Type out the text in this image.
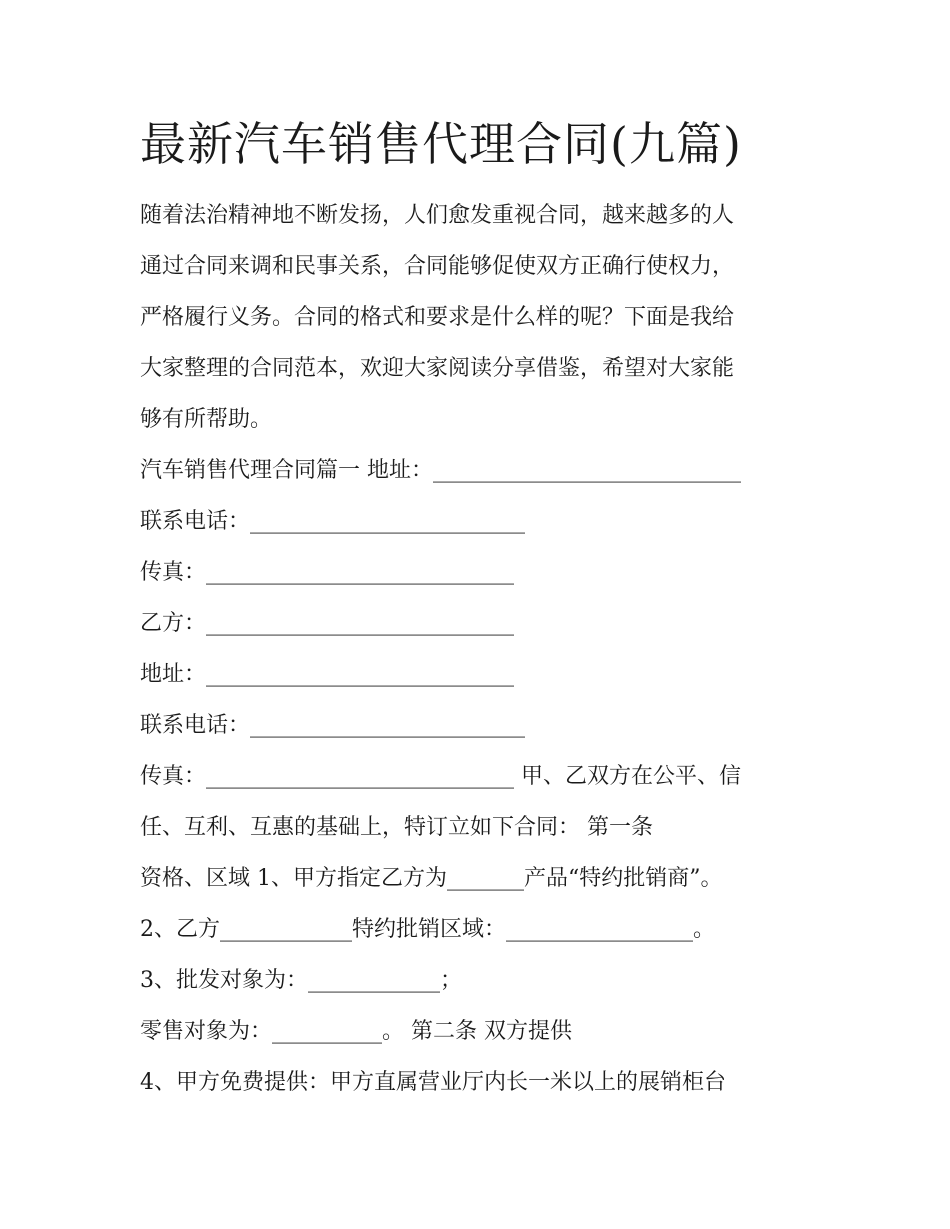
最新汽车销售代理合同(九篇)
随着法治精神地不断发扬，人们愈发重视合同，越来越多的人
通过合同来调和民事关系，合同能够促使双方正确行使权力，
严格履行义务。合同的格式和要求是什么样的呢？下面是我给
大家整理的合同范本，欢迎大家阅读分享借鉴，希望对大家能
够有所帮助。
汽车销售代理合同篇一 地址：____________________________
联系电话：_________________________
传真：____________________________
乙方：____________________________
地址：____________________________
联系电话：_________________________
传真：____________________________ 甲、乙双方在公平、信
任、互利、互惠的基础上，特订立如下合同： 第一条
资格、区域 1、甲方指定乙方为_______产品“特约批销商”。
2、乙方____________特约批销区域：_________________。
3、批发对象为：____________；
零售对象为：__________。 第二条 双方提供
4、甲方免费提供：甲方直属营业厅内长一米以上的展销柜台
